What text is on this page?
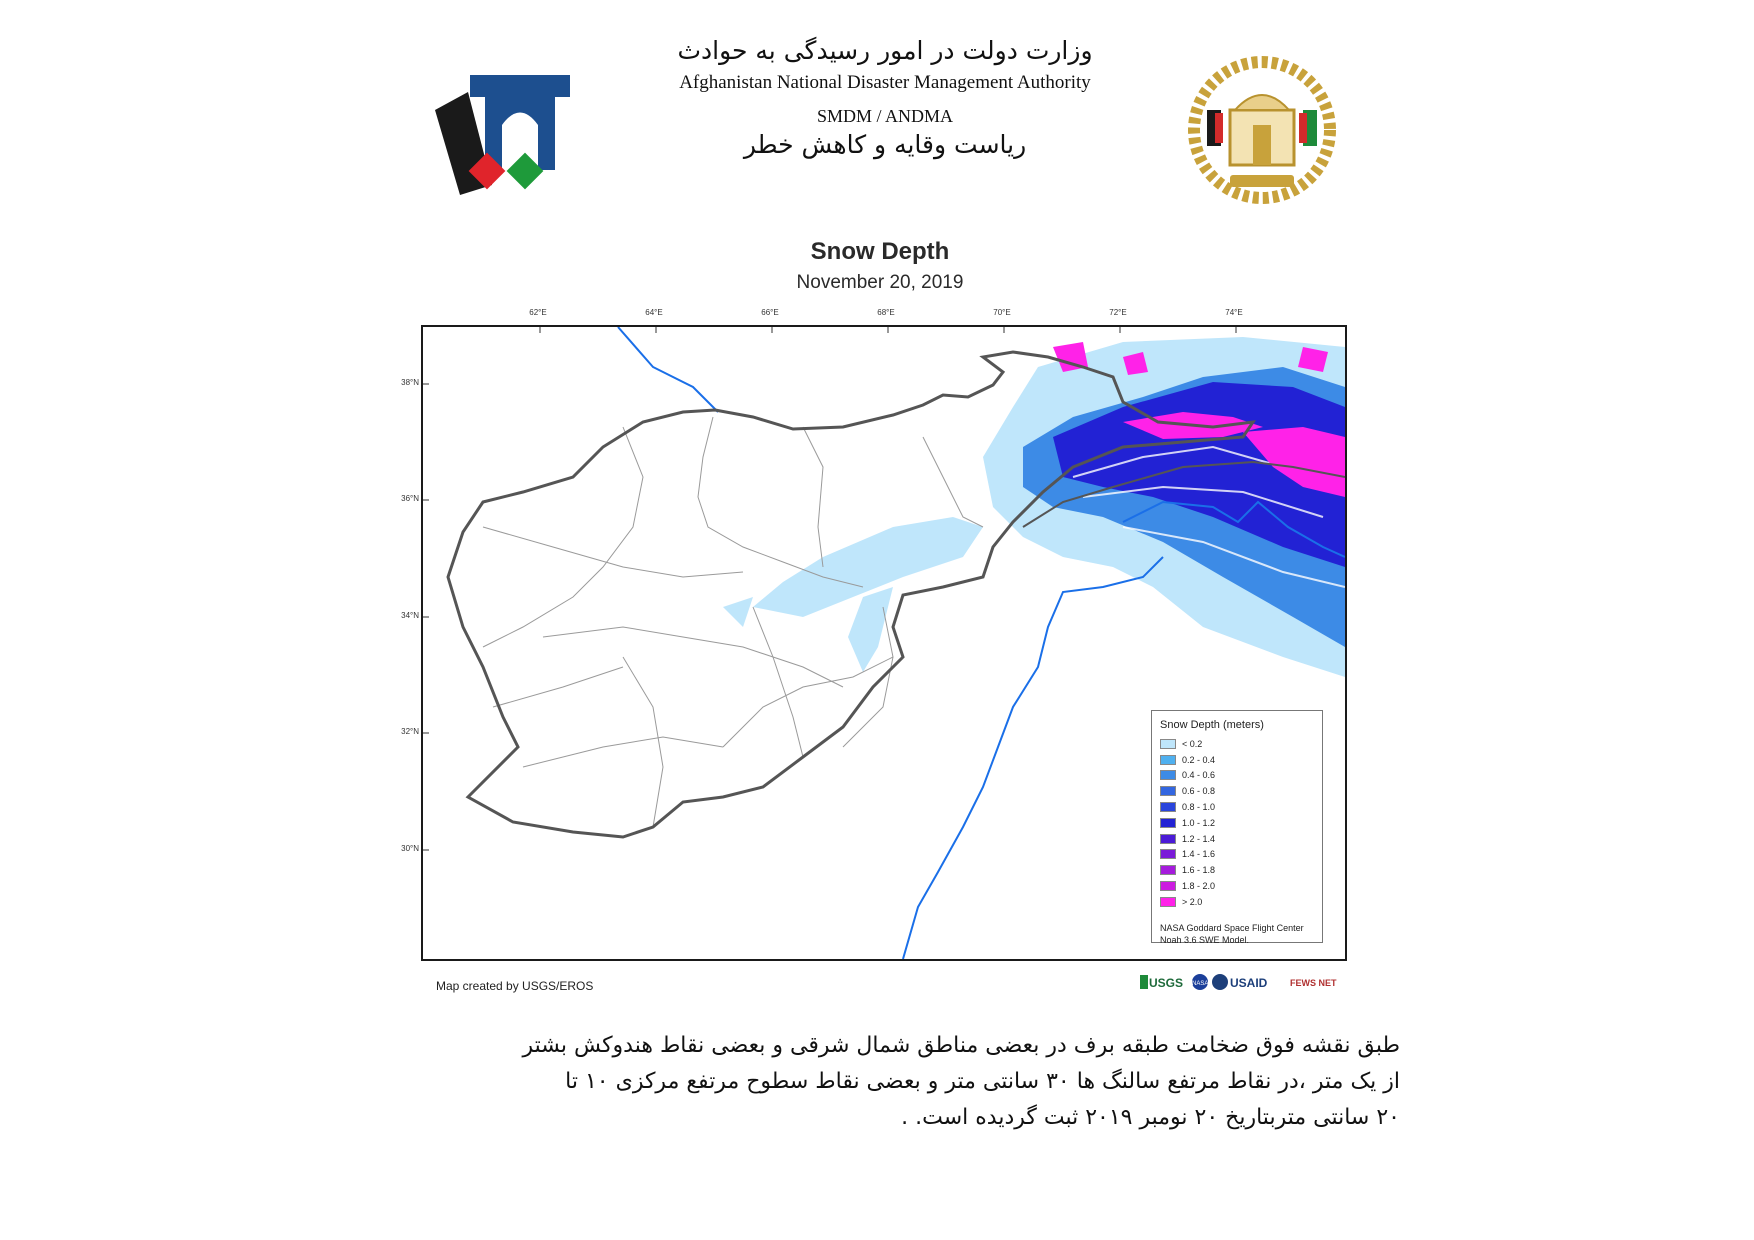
وزارت دولت در امور رسیدگی به حوادث
Afghanistan National Disaster Management Authority
SMDM / ANDMA
ریاست وقایه و کاهش خطر
Snow Depth
November 20, 2019
62°E	64°E	66°E	68°E	70°E	72°E	74°E
38°N
36°N
34°N
32°N
30°N
Snow Depth (meters)
< 0.2
0.2 - 0.4
0.4 - 0.6
0.6 - 0.8
0.8 - 1.0
1.0 - 1.2
1.2 - 1.4
1.4 - 1.6
1.6 - 1.8
1.8 - 2.0
> 2.0
NASA Goddard Space Flight Center
Noah 3.6 SWE Model.
Map created by USGS/EROS	USGS NASA USAID	FEWS NET
طبق نقشه فوق ضخامت طبقه برف در بعضی مناطق شمال شرقی و بعضی نقاط هندوکش بشتر
از یک متر ،در نقاط مرتفع سالنگ ها ۳۰ سانتی متر و بعضی نقاط سطوح مرتفع مرکزی ۱۰ تا
۲۰ سانتی متربتاریخ ۲۰ نومبر ۲۰۱۹ ثبت گردیده است. .
